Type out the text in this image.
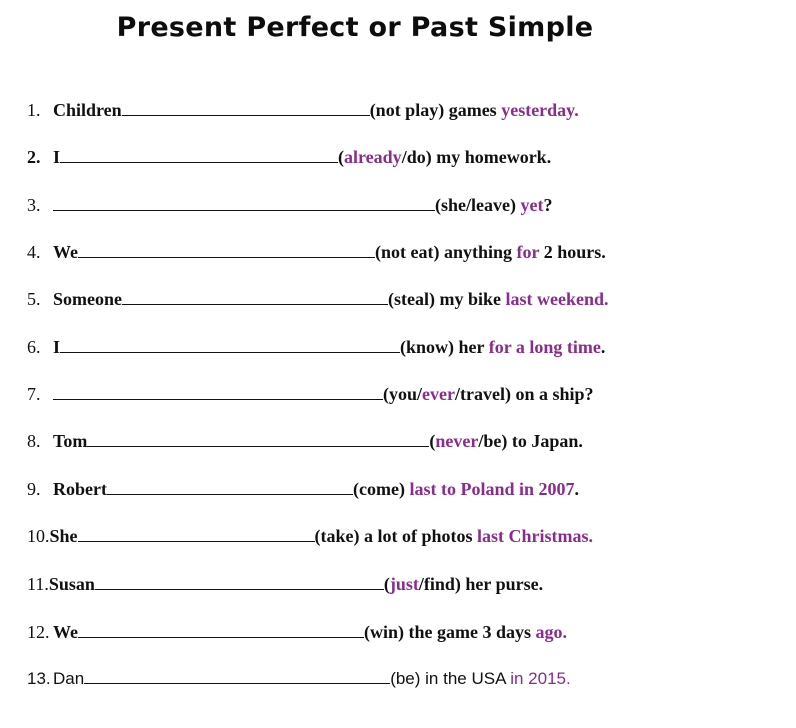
Present Perfect or Past Simple
1. Children	(not play) games yesterday.
2. I	(already/do) my homework.
3.	(she/leave) yet?
4. We	(not eat) anything for 2 hours.
5. Someone	(steal) my bike last weekend.
6. I	(know) her for a long time.
7.	(you/ever/travel) on a ship?
8. Tom	(never/be) to Japan.
9. Robert	(come) last to Poland in 2007.
10.She	(take) a lot of photos last Christmas.
11.Susan	(just/find) her purse.
12. We	(win) the game 3 days ago.
13. Dan	(be) in the USA in 2015.
